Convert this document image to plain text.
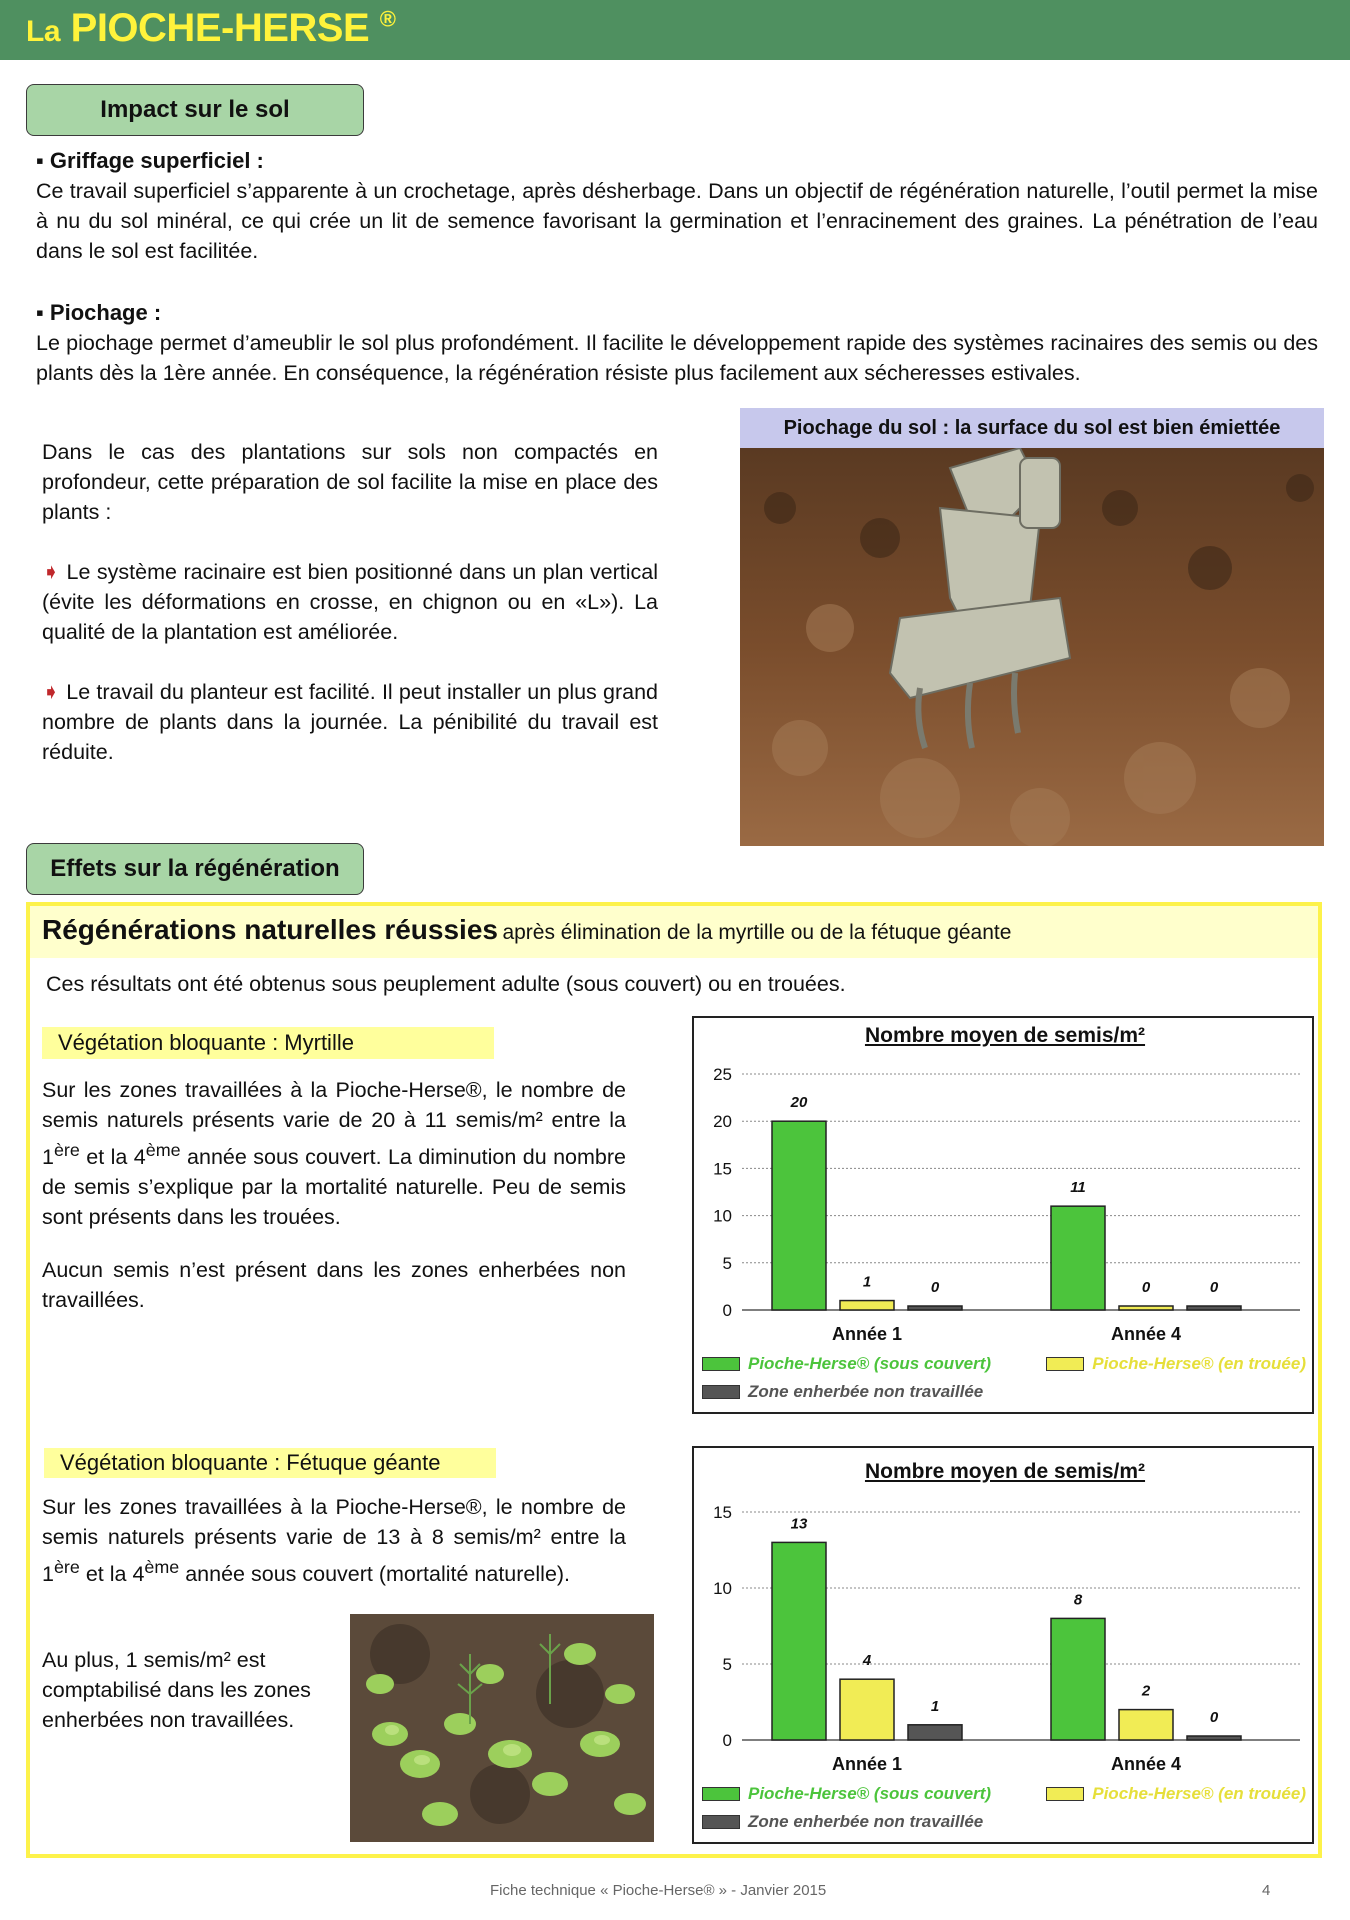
La PIOCHE-HERSE ®
Impact sur le sol
▪ Griffage superficiel :
Ce travail superficiel s’apparente à un crochetage, après désherbage. Dans un objectif de régénération naturelle, l’outil permet la mise à nu du sol minéral, ce qui crée un lit de semence favorisant la germination et l’enracinement des graines. La pénétration de l’eau dans le sol est facilitée.
▪ Piochage :
Le piochage permet d’ameublir le sol plus profondément. Il facilite le développement rapide des systèmes racinaires des semis ou des plants dès la 1ère année. En conséquence, la régénération résiste plus facilement aux sécheresses estivales.
Dans le cas des plantations sur sols non compactés en profondeur, cette préparation de sol facilite la mise en place des plants :
➧ Le système racinaire est bien positionné dans un plan vertical (évite les déformations en crosse, en chignon ou en «L»). La qualité de la plantation est améliorée.
➧ Le travail du planteur est facilité. Il peut installer un plus grand nombre de plants dans la journée. La pénibilité du travail est réduite.
Piochage du sol : la surface du sol est bien émiettée
Effets sur la régénération
Régénérations naturelles réussies après élimination de la myrtille ou de la fétuque géante
Ces résultats ont été obtenus sous peuplement adulte (sous couvert) ou en trouées.
Végétation bloquante : Myrtille
Sur les zones travaillées à la Pioche-Herse®, le nombre de semis naturels présents varie de 20 à 11 semis/m² entre la 1ère et la 4ème année sous couvert. La diminution du nombre de semis s’explique par la mortalité naturelle. Peu de semis sont présents dans les trouées.
Aucun semis n’est présent dans les zones enherbées non travaillées.
Nombre moyen de semis/m²
0
5
10
15
20
25
20
1	0
Année 1
11
0	0
Année 4
Pioche-Herse® (sous couvert)	Pioche-Herse® (en trouée)
Zone enherbée non travaillée
Végétation bloquante : Fétuque géante
Sur les zones travaillées à la Pioche-Herse®, le nombre de semis naturels présents varie de 13 à 8 semis/m² entre la 1ère et la 4ème année sous couvert (mortalité naturelle).
Au plus, 1 semis/m² est comptabilisé dans les zones enherbées non travaillées.
Nombre moyen de semis/m²
0
5
10
15
13
4
1
Année 1
8
2
0
Année 4
Pioche-Herse® (sous couvert)	Pioche-Herse® (en trouée)
Zone enherbée non travaillée
Fiche technique « Pioche-Herse® » - Janvier 2015	4
